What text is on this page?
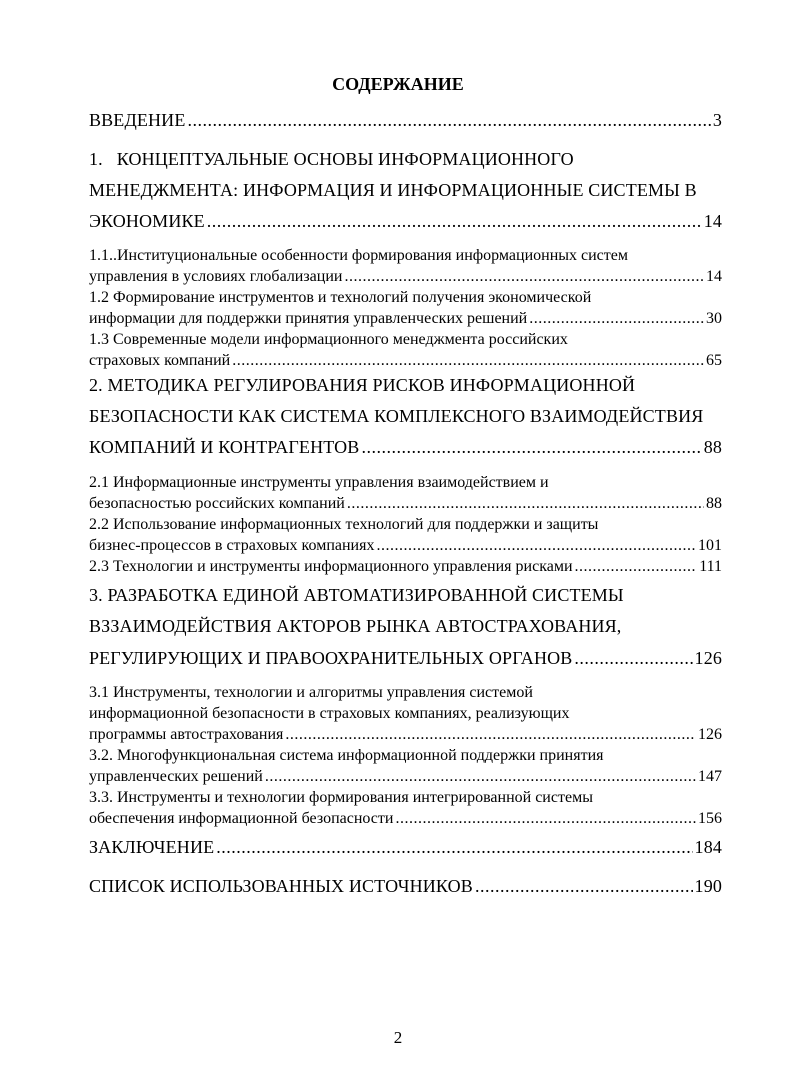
СОДЕРЖАНИЕ
ВВЕДЕНИЕ .....	3
1.   КОНЦЕПТУАЛЬНЫЕ ОСНОВЫ ИНФОРМАЦИОННОГО
МЕНЕДЖМЕНТА: ИНФОРМАЦИЯ И ИНФОРМАЦИОННЫЕ СИСТЕМЫ В
ЭКОНОМИКЕ .....	14
1.1..Институциональные особенности формирования информационных систем
управления в условиях глобализации .....	14
1.2 Формирование инструментов и технологий получения экономической
информации для поддержки принятия управленческих решений .....	30
1.3 Современные модели информационного менеджмента российских
страховых компаний .....	65
2. МЕТОДИКА РЕГУЛИРОВАНИЯ РИСКОВ ИНФОРМАЦИОННОЙ
БЕЗОПАСНОСТИ КАК СИСТЕМА КОМПЛЕКСНОГО ВЗАИМОДЕЙСТВИЯ
КОМПАНИЙ И КОНТРАГЕНТОВ .....	88
2.1 Информационные инструменты управления взаимодействием и
безопасностью российских компаний .....	88
2.2 Использование информационных технологий для поддержки и защиты
бизнес-процессов в страховых компаниях .....	101
2.3 Технологии и инструменты информационного управления рисками .....	111
3. РАЗРАБОТКА ЕДИНОЙ АВТОМАТИЗИРОВАННОЙ СИСТЕМЫ
ВЗЗАИМОДЕЙСТВИЯ АКТОРОВ РЫНКА АВТОСТРАХОВАНИЯ,
РЕГУЛИРУЮЩИХ И ПРАВООХРАНИТЕЛЬНЫХ ОРГАНОВ .....	126
3.1 Инструменты, технологии и алгоритмы управления системой
информационной безопасности в страховых компаниях, реализующих
программы автострахования .....	126
3.2. Многофункциональная система информационной поддержки принятия
управленческих решений .....	147
3.3. Инструменты и технологии формирования интегрированной системы
обеспечения информационной безопасности .....	156
ЗАКЛЮЧЕНИЕ .....	184
СПИСОК ИСПОЛЬЗОВАННЫХ ИСТОЧНИКОВ .....	190
2
